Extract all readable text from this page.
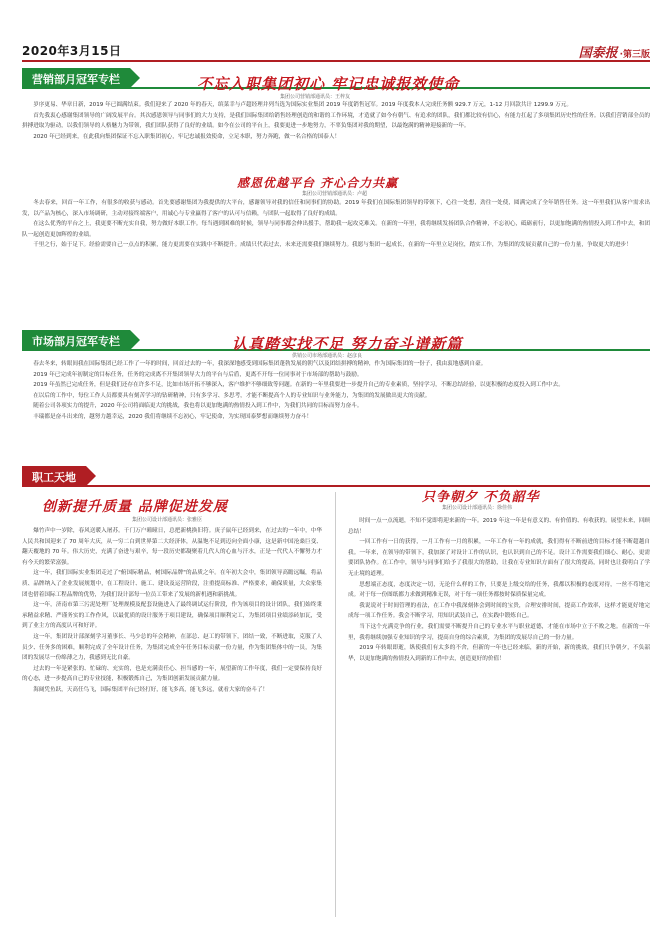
2020年3月15日	国泰报 ·第三版
营销部月冠军专栏	不忘入职集团初心 牢记忠诚报效使命
集团公司营销部通讯员：王梓友

岁序更易、华章日新，2019 年已圆满结束。我们迎来了 2020 年的春天，缤菜幸与卢超经理并列当选为国际实业集团 2019 年度销售冠军。2019 年度我本人完成任务额 929.7 万元，1-12 月回款共计 1299.9 万元。

首先我衷心感谢集团领导的广阔发展平台。其次感恩领导与同事们的大力支持，是我们国际集团给销售经理创造的和谐的工作环境，才造就了如今有朝气、有追求的团队，我们都比较有信心，有能力扛起了多项集团历史性的任务。以我们营销部全员的拼搏进取为驱动，以我们领导的人格魅力为带领，我们团队获得了良好的业绩。如今在公司的平台上，我要更进一步地努力，不辜负集团对我的期望，以最饱满的精神迎接新的一年。

2020 年已经到来，在此我向集团保证不忘入职集团初心，牢记忠诚报效使命，立足本职，努力奔跑，做一名合格的国泰人！

感恩优越平台 齐心合力共赢
集团公司营销部通讯员：卢超

冬去春来，回首一年工作，有很多的收获与感动。首先要感谢集团为我提供的大平台，感谢领导对我的信任和同事们的协助。2019 年我们在国际集团领导的带领下，心往一处想，劲往一处使，圆满完成了全年销售任务。这一年里我们从客户需求出发，以产品为核心，深入市场调研，主动对接终端客户，用诚心与专业赢得了客户的认可与信赖，与团队一起取得了良好的成绩。

在这么优秀的平台之上，我更要不断充实自我，努力做好本职工作。每当遇到困难的时候，领导与同事都会伸出援手，帮助我一起攻克难关。在新的一年里，我将继续发扬团队合作精神，不忘初心，砥砺前行，以更加饱满的热情投入到工作中去，和团队一起创造更加辉煌的业绩。

千里之行，始于足下。经验需要自己一点点的积累，能力更需要在实践中不断提升。成绩只代表过去，未来还需要我们继续努力。我愿与集团一起成长，在新的一年里立足岗位，踏实工作，为集团的发展贡献自己的一份力量，争取更大的进步！

市场部月冠军专栏	认真踏实找不足 努力奋斗谱新篇
供销公司市场部通讯员：赵彦良

春去冬来，转眼间我在国际集团已经工作了一年的时间，回首过去的一年，我深深地感受到国际集团蓬勃发展的朝气以及团结拼搏的精神，作为国际集团的一份子，我由衷地感到自豪。

2019 年已完成年初制定的目标任务，任务的完成离不开集团领导大力的平台与后盾，更离不开每一位同事对于市场部的帮助与鼓励。

2019 年虽然已完成任务，但是我们还存在许多不足，比如市场开拓不够深入，客户维护不够细致等问题。在新的一年里我要进一步提升自己的专业素质，坚持学习，不断总结经验，以更积极的态度投入到工作中去。

在以后的工作中，每位工作人员都要具有刻苦学习的钻研精神，只有多学习、多思考，才能不断提高个人的专业知识与业务能力，为集团的发展做出更大的贡献。

随着公司各项实力的提升，2020 年公司将面临更大的挑战，我也将以更加饱满的热情投入到工作中，为我们共同的目标而努力奋斗。

丰瑞都是奋斗出来的，越努力越幸运，2020 我们将继续不忘初心，牢记使命，为实现国泰梦想而继续努力奋斗！

职工天地
创新提升质量 品牌促进发展
集团公司设计部通讯员：张雅臣

爆竹声中一岁除，春风送暖入屠苏。千门万户曈曈日，总把新桃换旧符。庚子鼠年已经到来，在过去的一年中，中华人民共和国迎来了 70 周年大庆，从一穷二白到世界第二大经济体，从温饱不足到迈向全面小康，这是新中国沧桑巨变、翻天覆地的 70 年。伟大历史，充满了奋进与艰辛，每一段历史都凝聚着几代人的心血与汗水，正是一代代人不懈努力才有今天的繁荣富强。

这一年，我们国际实业集团走过了"俯国际精品，树国际品牌"的品质之年。在年初大会中，集团领导高瞻远瞩，将品质、品牌纳入了企业发展规划中，在工程设计、施工、建设及运营阶段，注重提高标准、严格要求，确保质量，大众家集团也借着国际工程品牌的优势，为我们设计部每一位员工带来了发展的新机遇和新挑战。

这一年，济南市第三污泥处理厂处理规模及配套设施进入了最终调试运行阶段，作为该项目的设计团队，我们始终秉承精益求精、严谨务实的工作作风，以最优质的设计服务于项目建设，确保项目顺利完工，为集团项目业绩添砖加瓦，受到了业主方的高度认可和好评。

这一年，集团设计部深刻学习董事长、马少总的年会精神，在部总、赵工的带领下，团结一致，不断进取，克服了人员少、任务多的困难，顺利完成了全年设计任务，为集团完成全年任务目标贡献一份力量，作为集团集体中的一员，为集团的发展尽一份绵薄之力，我感到无比自豪。

过去的一年是紧张的、忙碌的、充实的，也是充满责任心、担当感的一年，展望新的工作年度，我们一定要保持良好的心态，进一步提高自己的专业技能，积极锻炼自己，为集团创新发展贡献力量。

海阔凭鱼跃，天高任鸟飞，国际集团平台已经打好，能飞多高，能飞多远，就看大家的奋斗了！

只争朝夕 不负韶华
集团公司设计部通讯员：徐佳伟

时间一点一点流逝，不知不觉即将迎来新的一年。2019 年这一年是有意义的、有价值的、有收获的。展望未来，回顾总结！

一回工作有一日的获得，一月工作有一月的积累，一年工作有一年的成就，我们得有不断前进的目标才能不断超越自我。一年来，在领导的带领下，我加深了对设计工作的认识，也认识到自己的不足。设计工作需要我们细心、耐心，更需要团队协作。在工作中，领导与同事们给予了我很大的帮助，让我在专业知识方面有了很大的提高，同时也让我明白了学无止境的道理。

思想端正态度，态度决定一切，无论什么样的工作，只要是上级交给的任务，我都以积极的态度对待，一丝不苟地完成。对于每一份图纸都力求做到精准无误，对于每一项任务都按时保质保量完成。

我说说对于时间管理的看法，在工作中我深刻体会到时间的宝贵，合理安排时间，提高工作效率，这样才能更好地完成每一项工作任务。我会不断学习，用知识武装自己，在实践中锻炼自己。

当下这个充满竞争的行业，我们需要不断提升自己的专业水平与职业道德，才能在市场中立于不败之地。在新的一年里，我将继续加强专业知识的学习，提高自身的综合素质，为集团的发展尽自己的一份力量。

2019 年转眼即逝，纵使我们有太多的不舍，但新的一年也已经来临，新的开始，新的挑战，我们只争朝夕，不负韶华，以更加饱满的热情投入到新的工作中去，创造更好的价值！
